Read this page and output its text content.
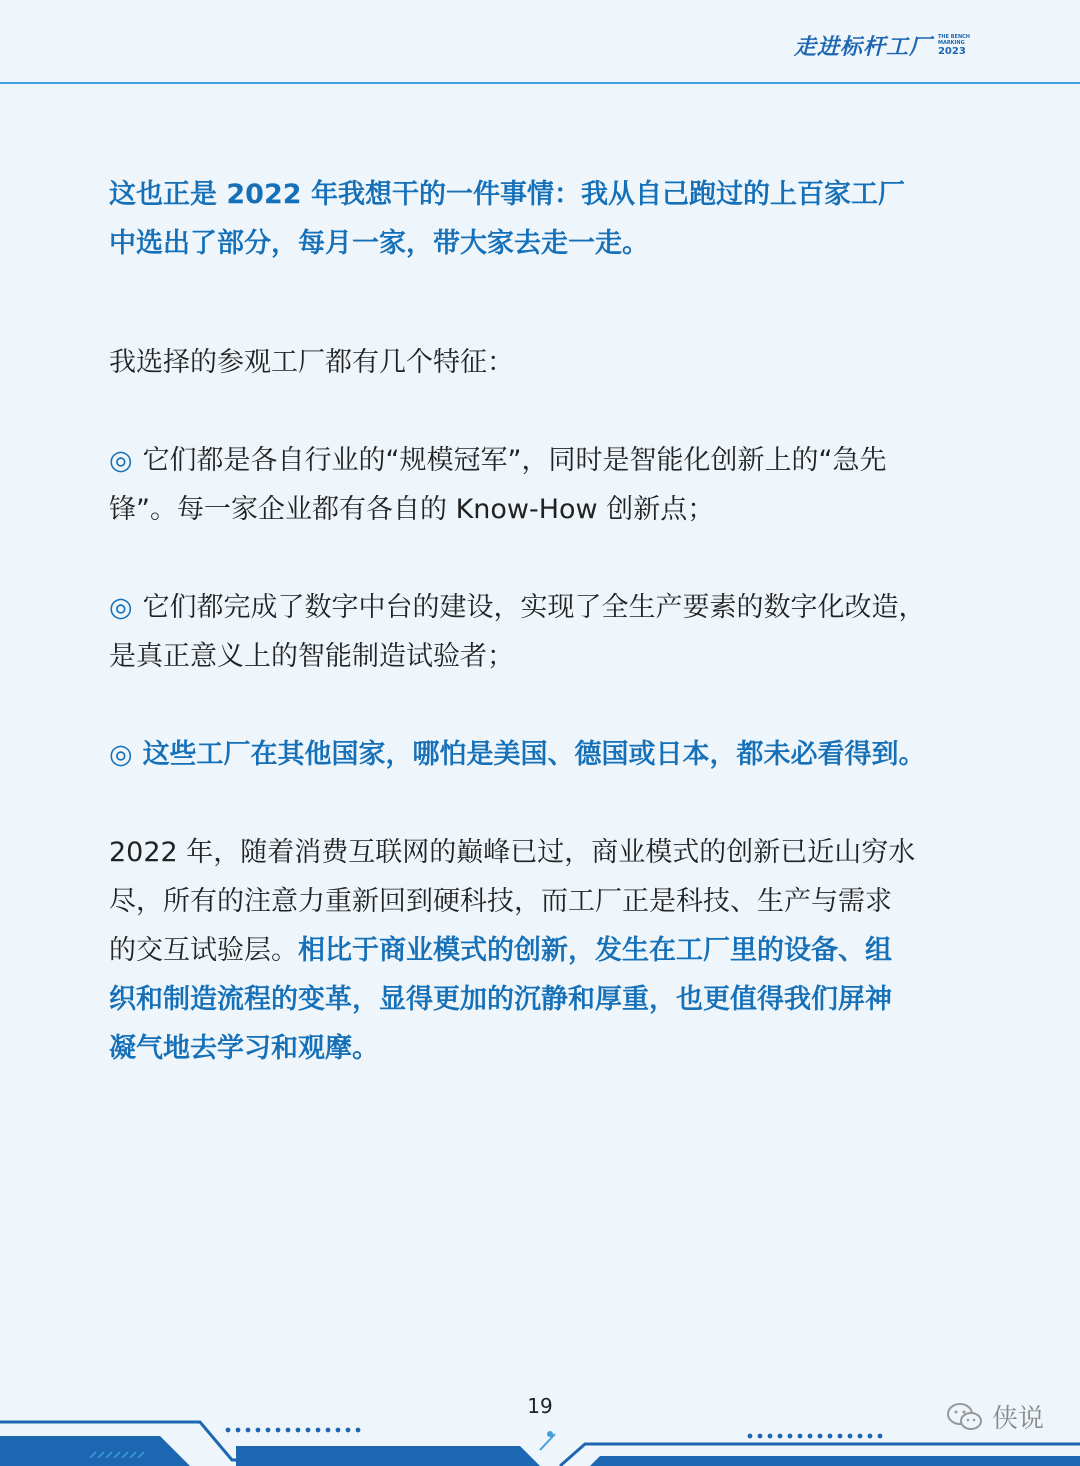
走进标杆工厂 THE BENCH
MARKING
2023

这也正是 2022 年我想干的一件事情：我从自己跑过的上百家工厂
中选出了部分，每月一家，带大家去走一走。

我选择的参观工厂都有几个特征：

◎ 它们都是各自行业的“规模冠军”，同时是智能化创新上的“急先
锋”。每一家企业都有各自的 Know-How 创新点；

◎ 它们都完成了数字中台的建设，实现了全生产要素的数字化改造，
是真正意义上的智能制造试验者；

◎ 这些工厂在其他国家，哪怕是美国、德国或日本，都未必看得到。

2022 年，随着消费互联网的巅峰已过，商业模式的创新已近山穷水
尽，所有的注意力重新回到硬科技，而工厂正是科技、生产与需求
的交互试验层。相比于商业模式的创新，发生在工厂里的设备、组
织和制造流程的变革，显得更加的沉静和厚重，也更值得我们屏神
凝气地去学习和观摩。

19	侠说
